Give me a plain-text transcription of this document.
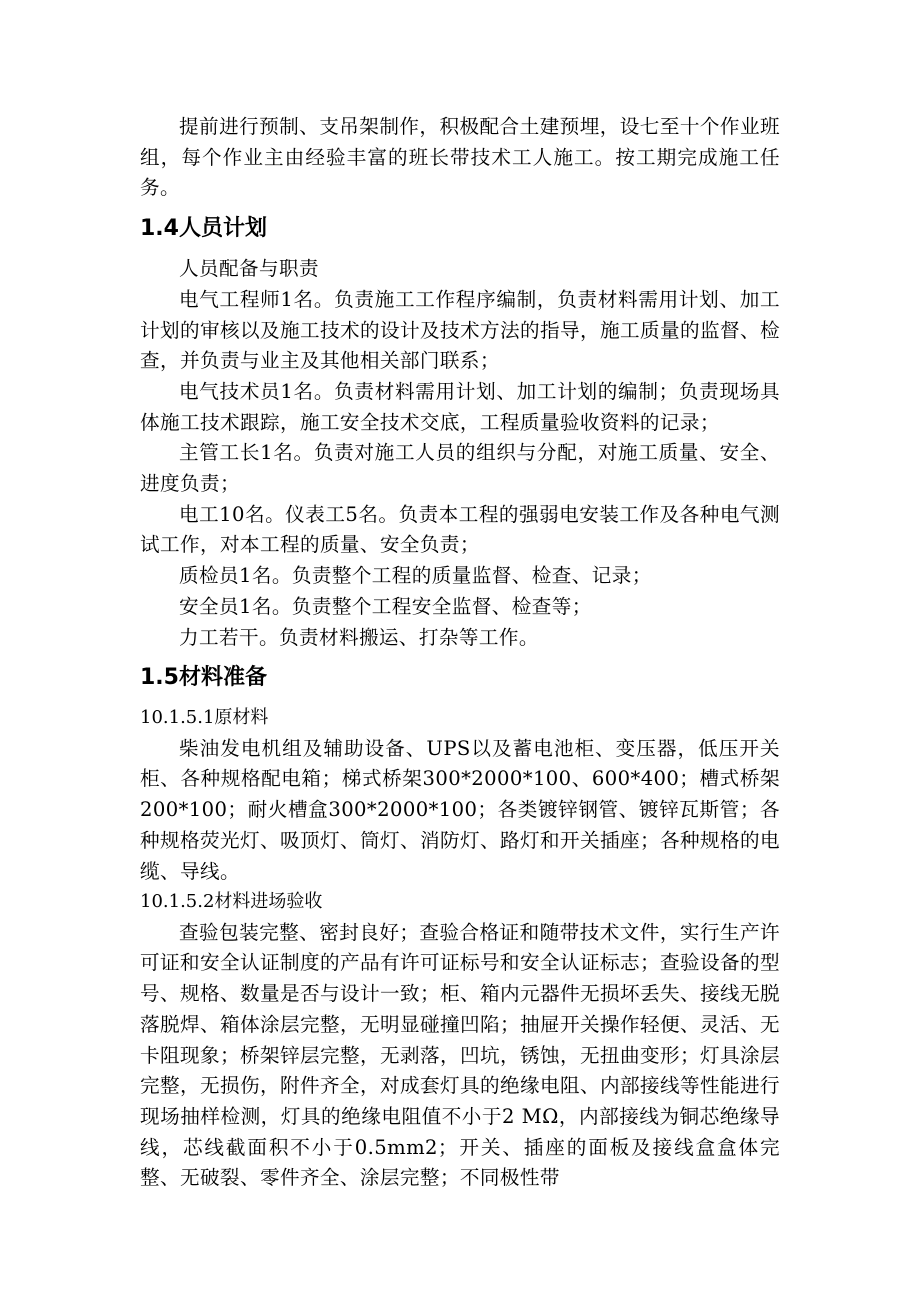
提前进行预制、支吊架制作，积极配合土建预埋，设七至十个作业班组，每个作业主由经验丰富的班长带技术工人施工。按工期完成施工任务。

1.4人员计划

人员配备与职责

电气工程师1名。负责施工工作程序编制，负责材料需用计划、加工计划的审核以及施工技术的设计及技术方法的指导，施工质量的监督、检查，并负责与业主及其他相关部门联系；

电气技术员1名。负责材料需用计划、加工计划的编制；负责现场具体施工技术跟踪，施工安全技术交底，工程质量验收资料的记录；

主管工长1名。负责对施工人员的组织与分配，对施工质量、安全、进度负责；

电工10名。仪表工5名。负责本工程的强弱电安装工作及各种电气测试工作，对本工程的质量、安全负责；

质检员1名。负责整个工程的质量监督、检查、记录；

安全员1名。负责整个工程安全监督、检查等；

力工若干。负责材料搬运、打杂等工作。

1.5材料准备

10.1.5.1原材料

柴油发电机组及辅助设备、UPS以及蓄电池柜、变压器，低压开关柜、各种规格配电箱；梯式桥架300*2000*100、600*400；槽式桥架200*100；耐火槽盒300*2000*100；各类镀锌钢管、镀锌瓦斯管；各种规格荧光灯、吸顶灯、筒灯、消防灯、路灯和开关插座；各种规格的电缆、导线。

10.1.5.2材料进场验收

查验包装完整、密封良好；查验合格证和随带技术文件，实行生产许可证和安全认证制度的产品有许可证标号和安全认证标志；查验设备的型号、规格、数量是否与设计一致；柜、箱内元器件无损坏丢失、接线无脱落脱焊、箱体涂层完整，无明显碰撞凹陷；抽屉开关操作轻便、灵活、无卡阻现象；桥架锌层完整，无剥落，凹坑，锈蚀，无扭曲变形；灯具涂层完整，无损伤，附件齐全，对成套灯具的绝缘电阻、内部接线等性能进行现场抽样检测，灯具的绝缘电阻值不小于2 MΩ，内部接线为铜芯绝缘导线，芯线截面积不小于0.5mm2；开关、插座的面板及接线盒盒体完整、无破裂、零件齐全、涂层完整；不同极性带
